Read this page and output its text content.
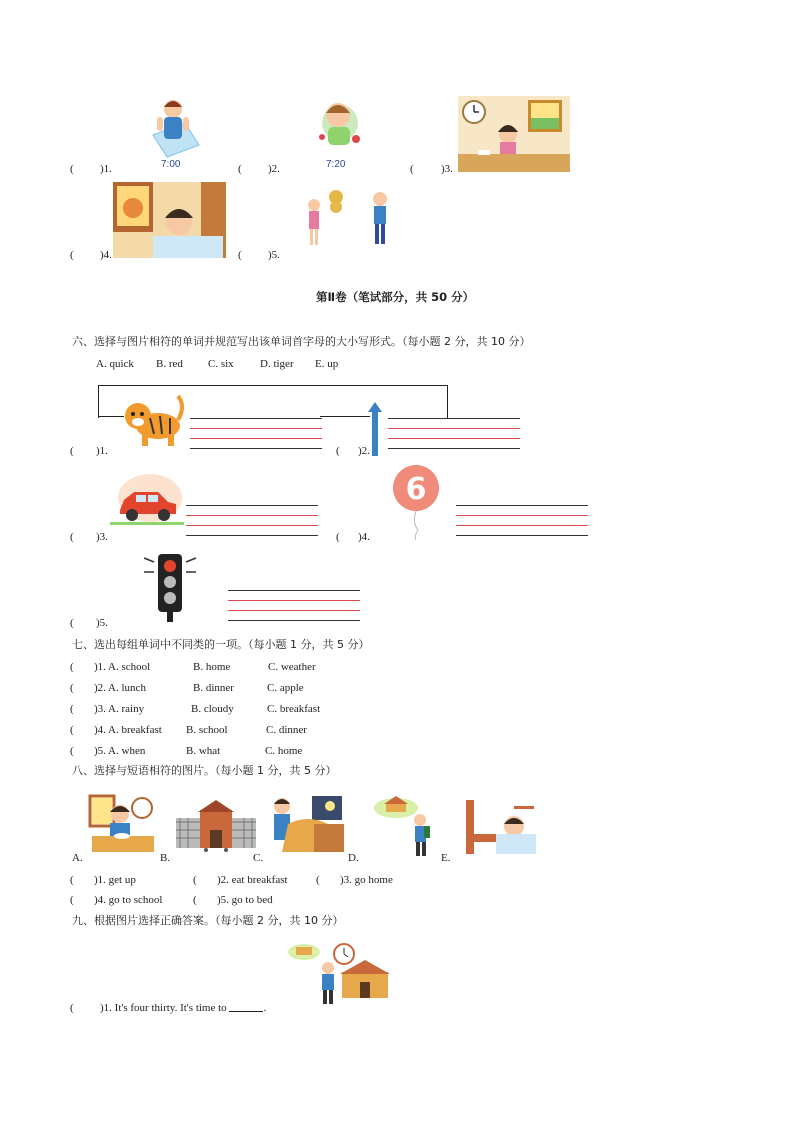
( )1.	7:00	( )2.	7:20	( )3.
( )4.	( )5.
第Ⅱ卷（笔试部分，共 50 分）
六、选择与图片相符的单词并规范写出该单词首字母的大小写形式。（每小题 2 分，共 10 分）
A. quick B. red C. six D. tiger E. up
( )1.	( )2.
( )3.	( )4.
6
( )5.
七、选出每组单词中不同类的一项。（每小题 1 分，共 5 分）
( )1. A. school	B. home	C. weather
( )2. A. lunch	B. dinner	C. apple
( )3. A. rainy	B. cloudy	C. breakfast
( )4. A. breakfast B. school	C. dinner
( )5. A. when	B. what	C. home
八、选择与短语相符的图片。（每小题 1 分，共 5 分）
A.	B.	C.	D.	E.
( )1. get up	( )2. eat breakfast	( )3. go home
( )4. go to school	( )5. go to bed
九、根据图片选择正确答案。（每小题 2 分，共 10 分）
( )1. It's four thirty. It's time to	.
